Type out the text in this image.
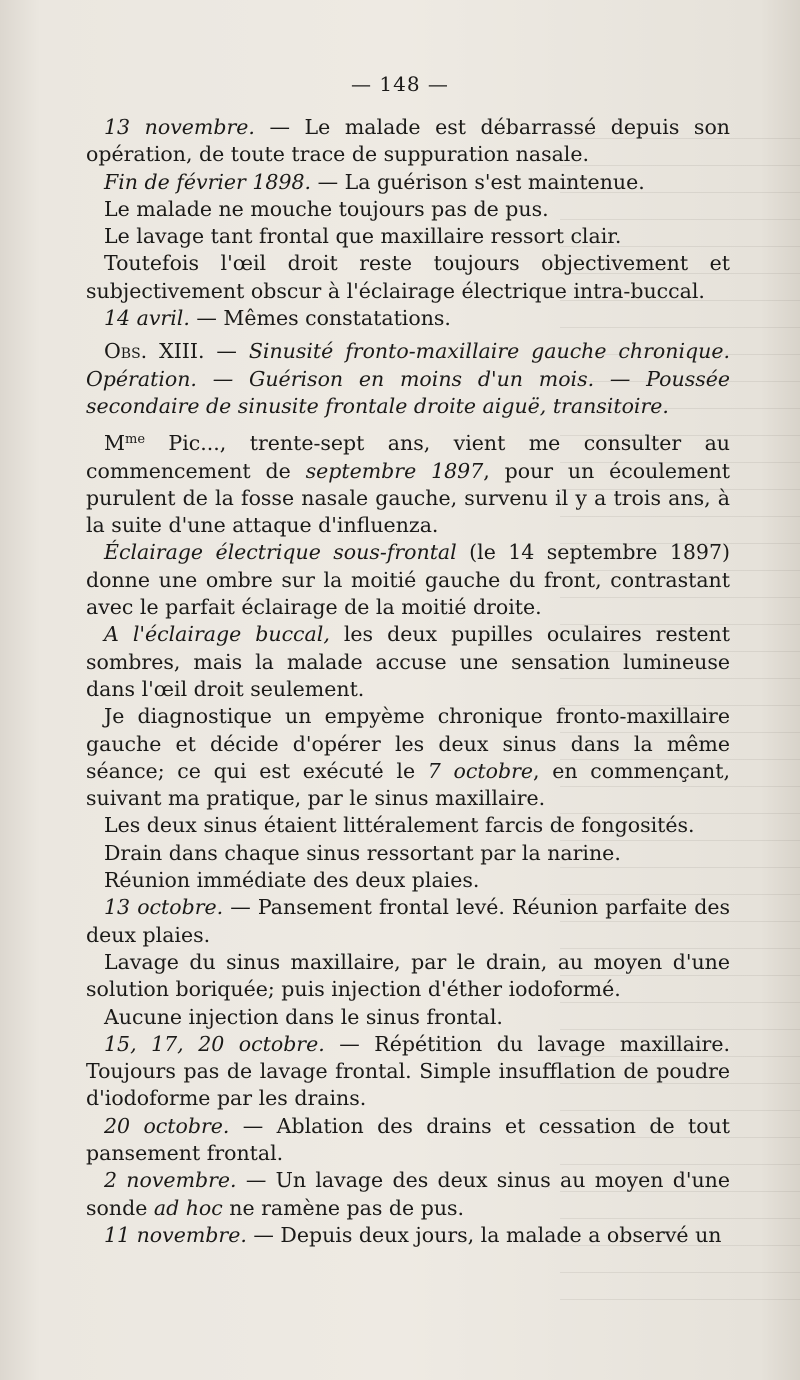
— 148 —

13 novembre. — Le malade est débarrassé depuis son opération, de toute trace de suppuration nasale.

Fin de février 1898. — La guérison s'est maintenue.

Le malade ne mouche toujours pas de pus.

Le lavage tant frontal que maxillaire ressort clair.

Toutefois l'œil droit reste toujours objectivement et subjectivement obscur à l'éclairage électrique intra-buccal.

14 avril. — Mêmes constatations.

Obs. XIII. — Sinusité fronto-maxillaire gauche chronique. Opération. — Guérison en moins d'un mois. — Poussée secondaire de sinusite frontale droite aiguë, transitoire.

$M^{me}$ Pic..., trente-sept ans, vient me consulter au commencement de septembre 1897, pour un écoulement purulent de la fosse nasale gauche, survenu il y a trois ans, à la suite d'une attaque d'influenza.

Éclairage électrique sous-frontal (le 14 septembre 1897) donne une ombre sur la moitié gauche du front, contrastant avec le parfait éclairage de la moitié droite.

A l'éclairage buccal, les deux pupilles oculaires restent sombres, mais la malade accuse une sensation lumineuse dans l'œil droit seulement.

Je diagnostique un empyème chronique fronto-maxillaire gauche et décide d'opérer les deux sinus dans la même séance; ce qui est exécuté le 7 octobre, en commençant, suivant ma pratique, par le sinus maxillaire.

Les deux sinus étaient littéralement farcis de fongosités.

Drain dans chaque sinus ressortant par la narine.

Réunion immédiate des deux plaies.

13 octobre. — Pansement frontal levé. Réunion parfaite des deux plaies.

Lavage du sinus maxillaire, par le drain, au moyen d'une solution boriquée; puis injection d'éther iodoformé.

Aucune injection dans le sinus frontal.

15, 17, 20 octobre. — Répétition du lavage maxillaire. Toujours pas de lavage frontal. Simple insufflation de poudre d'iodoforme par les drains.

20 octobre. — Ablation des drains et cessation de tout pansement frontal.

2 novembre. — Un lavage des deux sinus au moyen d'une sonde ad hoc ne ramène pas de pus.

11 novembre. — Depuis deux jours, la malade a observé un
